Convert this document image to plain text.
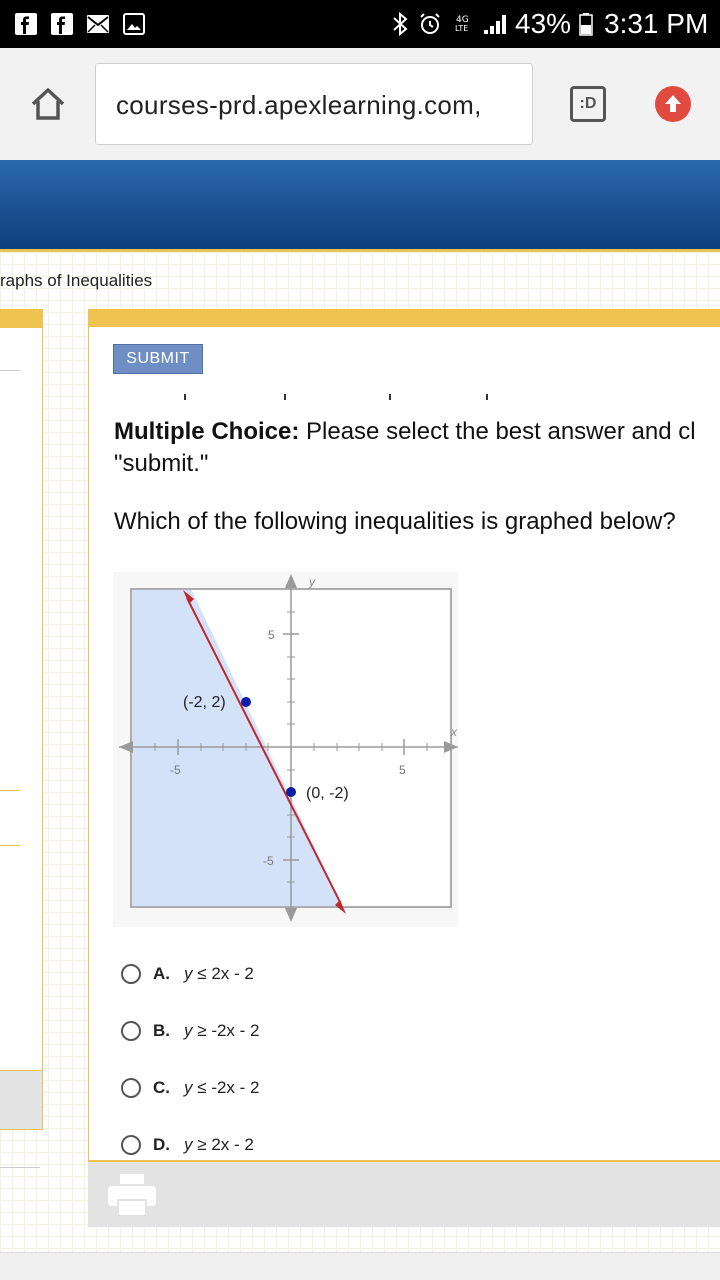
4G
LTE 43% 3:31 PM
courses-prd.apexlearning.com,	:D
raphs of Inequalities
SUBMIT
Multiple Choice: Please select the best answer and cl
"submit."
Which of the following inequalities is graphed below?
y
x
-5	5
5
-5
(-2, 2)
(0, -2)
A. y
≤
2x - 2
B. y
≥
-2x - 2
C. y
≤
-2x - 2
D. y
≥
2x - 2
